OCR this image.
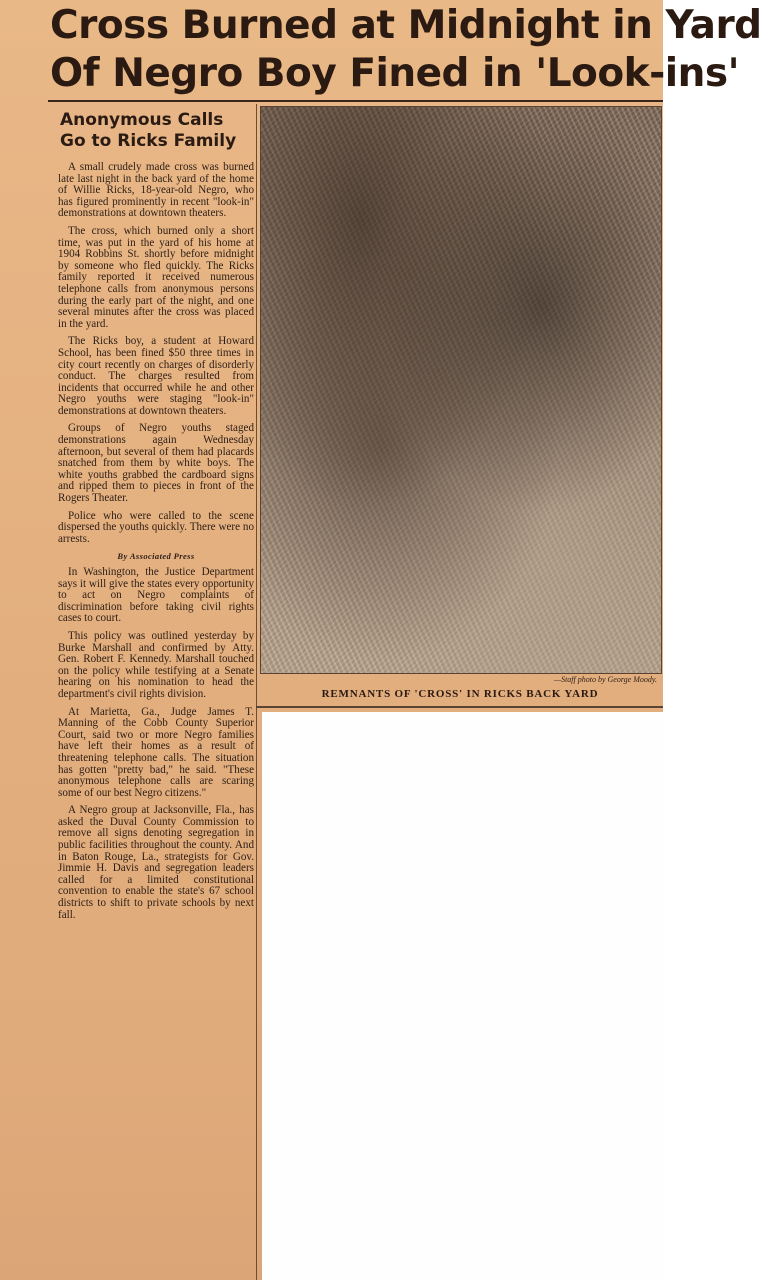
Cross Burned at Midnight in Yard
Of Negro Boy Fined in 'Look-ins'
Anonymous Calls
Go to Ricks Family

A small crudely made cross was burned late last night in the back yard of the home of Willie Ricks, 18-year-old Negro, who has figured prominently in recent "look-in" demonstrations at downtown theaters.

The cross, which burned only a short time, was put in the yard of his home at 1904 Robbins St. shortly before midnight by someone who fled quickly. The Ricks family reported it received numerous telephone calls from anonymous persons during the early part of the night, and one several minutes after the cross was placed in the yard.

The Ricks boy, a student at Howard School, has been fined $50 three times in city court recently on charges of disorderly conduct. The charges resulted from incidents that occurred while he and other Negro youths were staging "look-in" demonstrations at downtown theaters.

Groups of Negro youths staged demonstrations again Wednesday afternoon, but several of them had placards snatched from them by white boys. The white youths grabbed the cardboard signs and ripped them to pieces in front of the Rogers Theater.

Police who were called to the scene dispersed the youths quickly. There were no arrests.

By Associated Press

In Washington, the Justice Department says it will give the states every opportunity to act on Negro complaints of discrimination before taking civil rights cases to court.

This policy was outlined yesterday by Burke Marshall and confirmed by Atty. Gen. Robert F. Kennedy. Marshall touched on the policy while testifying at a Senate hearing on his nomination to head the department's civil rights division.

At Marietta, Ga., Judge James T. Manning of the Cobb County Superior Court, said two or more Negro families have left their homes as a result of threatening telephone calls. The situation has gotten "pretty bad," he said. "These anonymous telephone calls are scaring some of our best Negro citizens."

A Negro group at Jacksonville, Fla., has asked the Duval County Commission to remove all signs denoting segregation in public facilities throughout the county. And in Baton Rouge, La., strategists for Gov. Jimmie H. Davis and segregation leaders called for a limited constitutional convention to enable the state's 67 school districts to shift to private schools by next fall.

—Staff photo by George Moody.
REMNANTS OF 'CROSS' IN RICKS BACK YARD
